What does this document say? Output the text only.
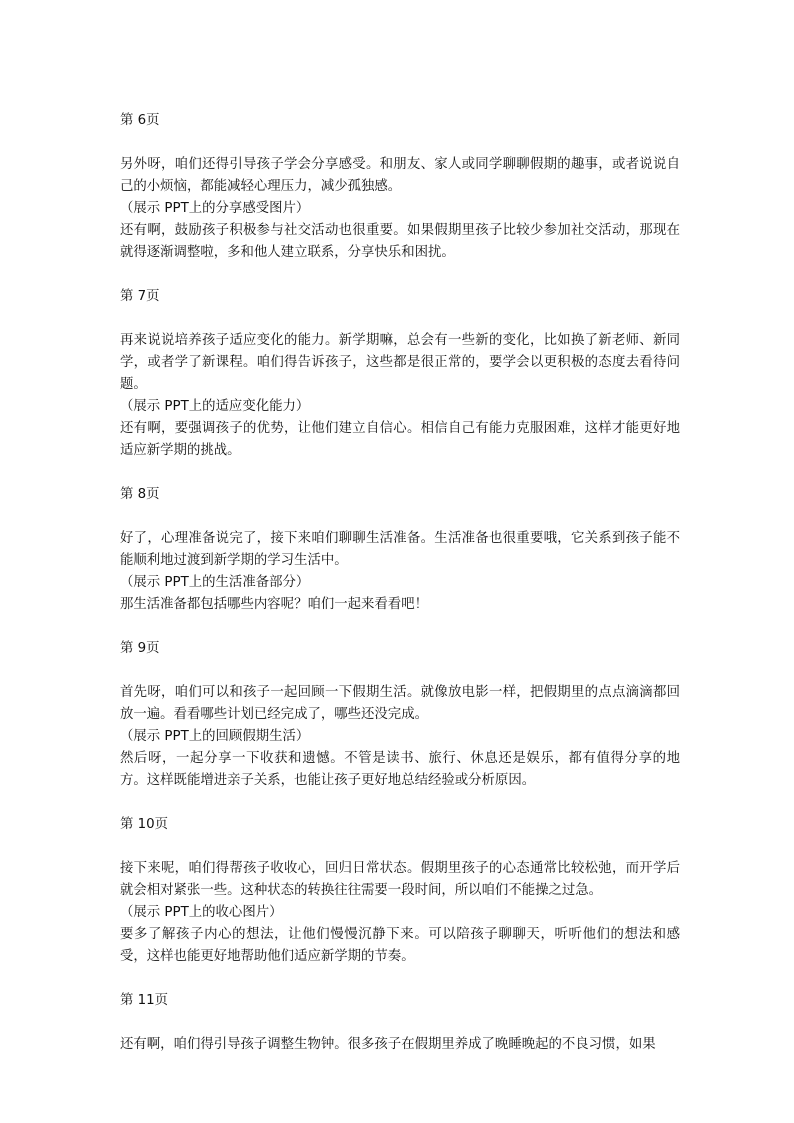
第 6页

另外呀，咱们还得引导孩子学会分享感受。和朋友、家人或同学聊聊假期的趣事，或者说说自己的小烦恼，都能减轻心理压力，减少孤独感。

（展示 PPT上的分享感受图片）

还有啊，鼓励孩子积极参与社交活动也很重要。如果假期里孩子比较少参加社交活动，那现在就得逐渐调整啦，多和他人建立联系，分享快乐和困扰。

第 7页

再来说说培养孩子适应变化的能力。新学期嘛，总会有一些新的变化，比如换了新老师、新同学，或者学了新课程。咱们得告诉孩子，这些都是很正常的，要学会以更积极的态度去看待问题。

（展示 PPT上的适应变化能力）

还有啊，要强调孩子的优势，让他们建立自信心。相信自己有能力克服困难，这样才能更好地适应新学期的挑战。

第 8页

好了，心理准备说完了，接下来咱们聊聊生活准备。生活准备也很重要哦，它关系到孩子能不能顺利地过渡到新学期的学习生活中。

（展示 PPT上的生活准备部分）

那生活准备都包括哪些内容呢？咱们一起来看看吧！

第 9页

首先呀，咱们可以和孩子一起回顾一下假期生活。就像放电影一样，把假期里的点点滴滴都回放一遍。看看哪些计划已经完成了，哪些还没完成。

（展示 PPT上的回顾假期生活）

然后呀，一起分享一下收获和遗憾。不管是读书、旅行、休息还是娱乐，都有值得分享的地方。这样既能增进亲子关系，也能让孩子更好地总结经验或分析原因。

第 10页

接下来呢，咱们得帮孩子收收心，回归日常状态。假期里孩子的心态通常比较松弛，而开学后就会相对紧张一些。这种状态的转换往往需要一段时间，所以咱们不能操之过急。

（展示 PPT上的收心图片）

要多了解孩子内心的想法，让他们慢慢沉静下来。可以陪孩子聊聊天，听听他们的想法和感受，这样也能更好地帮助他们适应新学期的节奏。

第 11页

还有啊，咱们得引导孩子调整生物钟。很多孩子在假期里养成了晚睡晚起的不良习惯，如果
